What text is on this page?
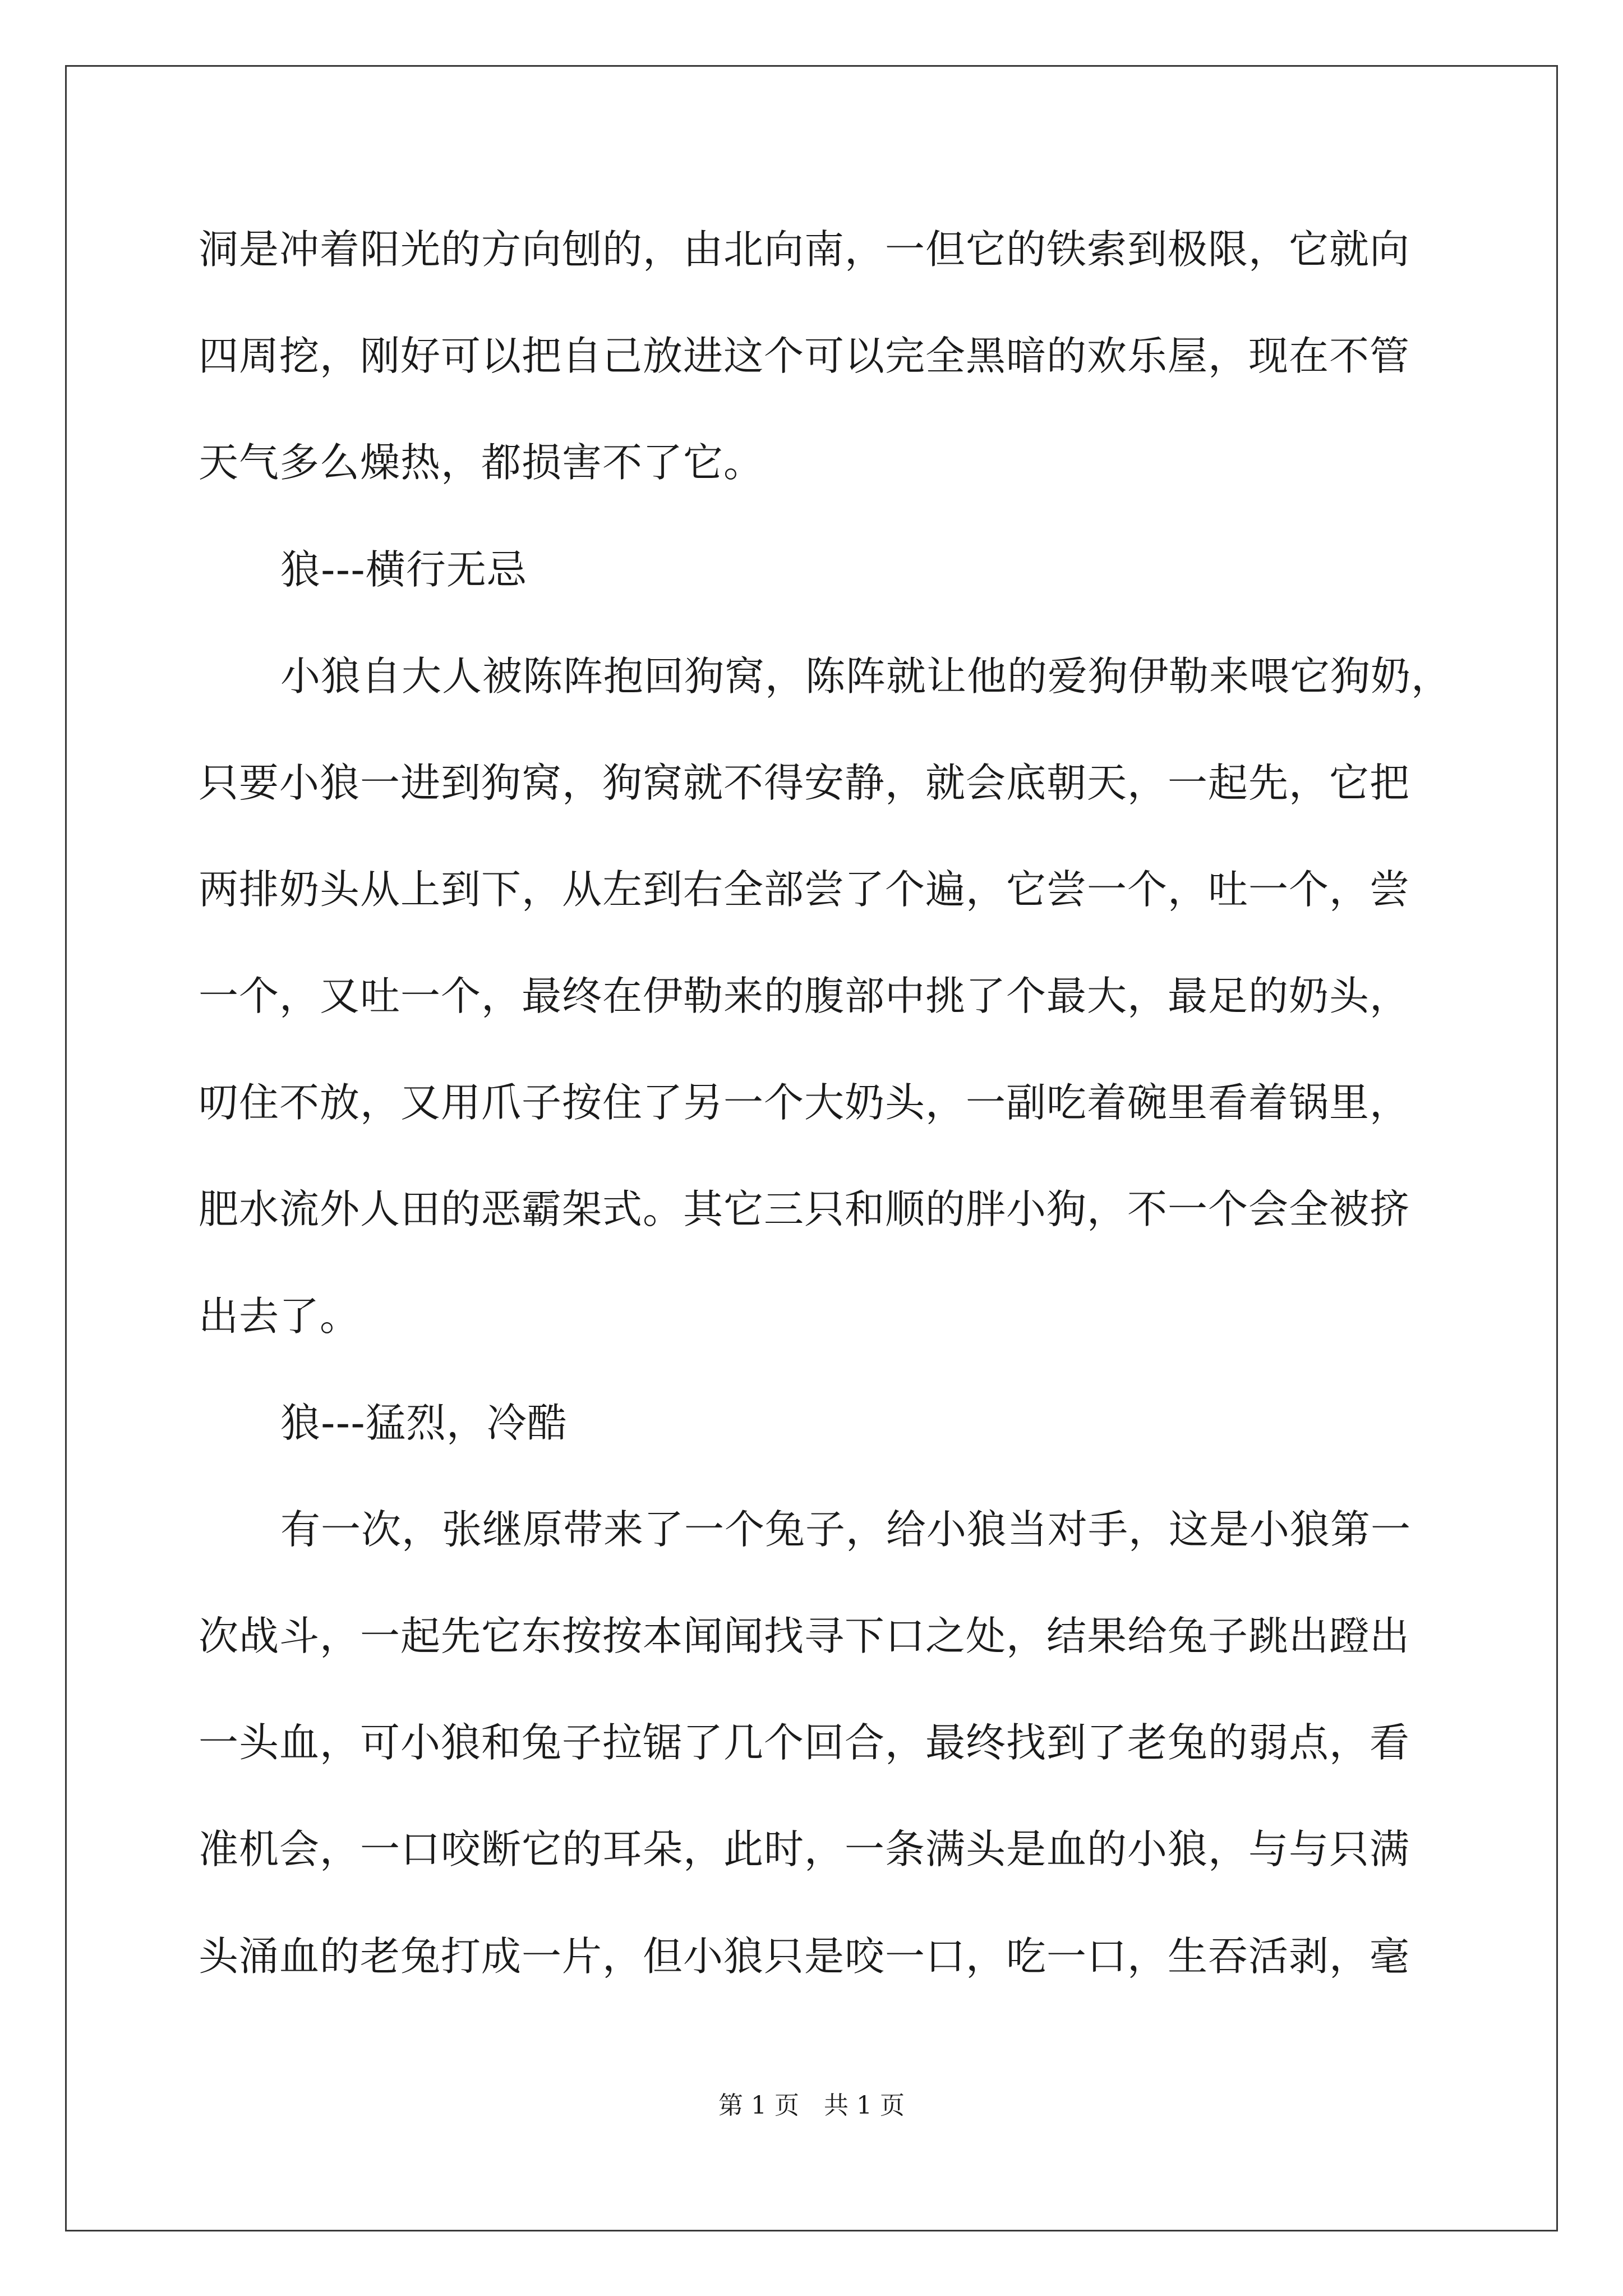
洞是冲着阳光的方向刨的，由北向南，一但它的铁索到极限，它就向
四周挖，刚好可以把自己放进这个可以完全黑暗的欢乐屋，现在不管
天气多么燥热，都损害不了它。
狼---横行无忌
小狼自大人被陈阵抱回狗窝，陈阵就让他的爱狗伊勒来喂它狗奶，
只要小狼一进到狗窝，狗窝就不得安静，就会底朝天，一起先，它把
两排奶头从上到下，从左到右全部尝了个遍，它尝一个，吐一个，尝
一个，又吐一个，最终在伊勒来的腹部中挑了个最大，最足的奶头，
叨住不放，又用爪子按住了另一个大奶头，一副吃着碗里看着锅里，
肥水流外人田的恶霸架式。其它三只和顺的胖小狗，不一个会全被挤
出去了。
狼---猛烈，冷酷
有一次，张继原带来了一个兔子，给小狼当对手，这是小狼第一
次战斗，一起先它东按按本闻闻找寻下口之处，结果给兔子跳出蹬出
一头血，可小狼和兔子拉锯了几个回合，最终找到了老兔的弱点，看
准机会，一口咬断它的耳朵，此时，一条满头是血的小狼，与与只满
头涌血的老兔打成一片，但小狼只是咬一口，吃一口，生吞活剥，毫
第 1 页　共 1 页
